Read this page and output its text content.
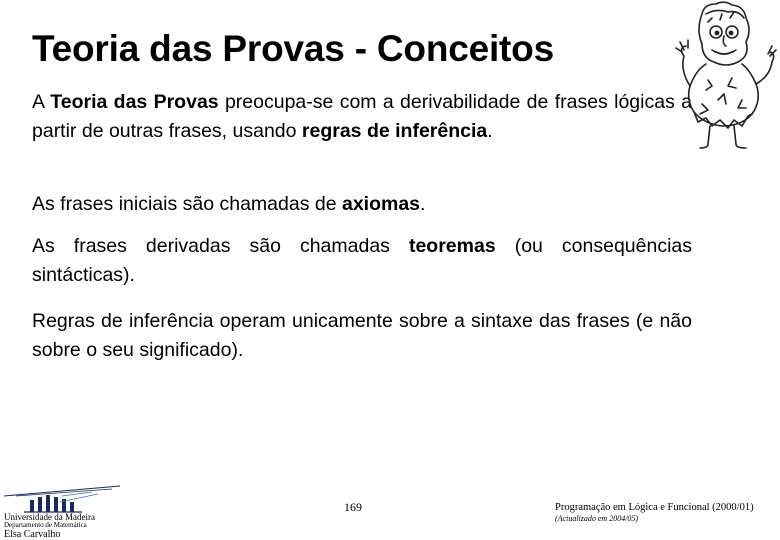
Teoria das Provas - Conceitos
A Teoria das Provas preocupa-se com a derivabilidade de frases lógicas a partir de outras frases, usando regras de inferência.
As frases iniciais são chamadas de axiomas.
As frases derivadas são chamadas teoremas (ou consequências sintácticas).
Regras de inferência operam unicamente sobre a sintaxe das frases (e não sobre o seu significado).
Universidade da Madeira
Departamento de Matemática
Elsa Carvalho
169	Programação em Lógica e Funcional (2000/01)
(Actualizado em 2004/05)
